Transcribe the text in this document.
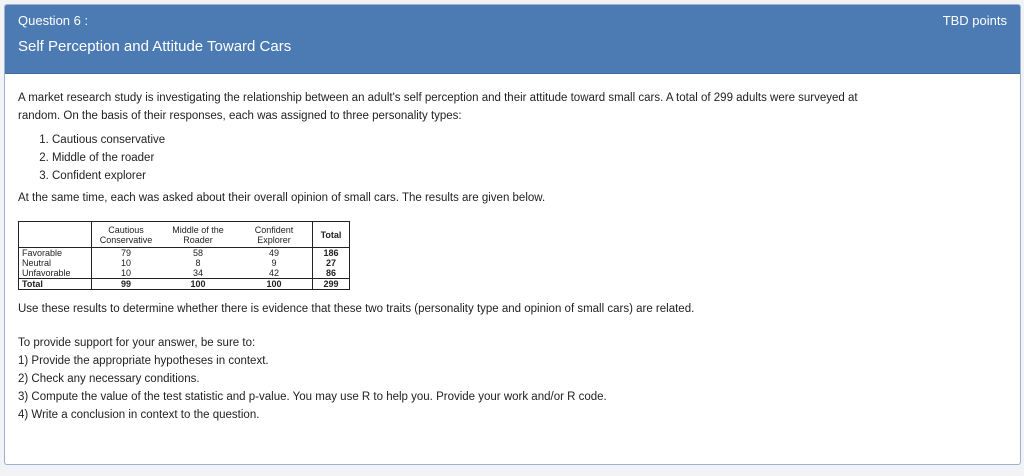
Question 6 :
Self Perception and Attitude Toward Cars
TBD points

A market research study is investigating the relationship between an adult's self perception and their attitude toward small cars. A total of 299 adults were surveyed at random. On the basis of their responses, each was assigned to three personality types:

1. Cautious conservative
2. Middle of the roader
3. Confident explorer

At the same time, each was asked about their overall opinion of small cars. The results are given below.

	Cautious Conservative	Middle of the Roader	Confident Explorer	Total
Favorable	79	58	49	186
Neutral	10	8	9	27
Unfavorable	10	34	42	86
Total	99	100	100	299

Use these results to determine whether there is evidence that these two traits (personality type and opinion of small cars) are related.

To provide support for your answer, be sure to:

1) Provide the appropriate hypotheses in context.

2) Check any necessary conditions.

3) Compute the value of the test statistic and p-value. You may use R to help you. Provide your work and/or R code.

4) Write a conclusion in context to the question.
